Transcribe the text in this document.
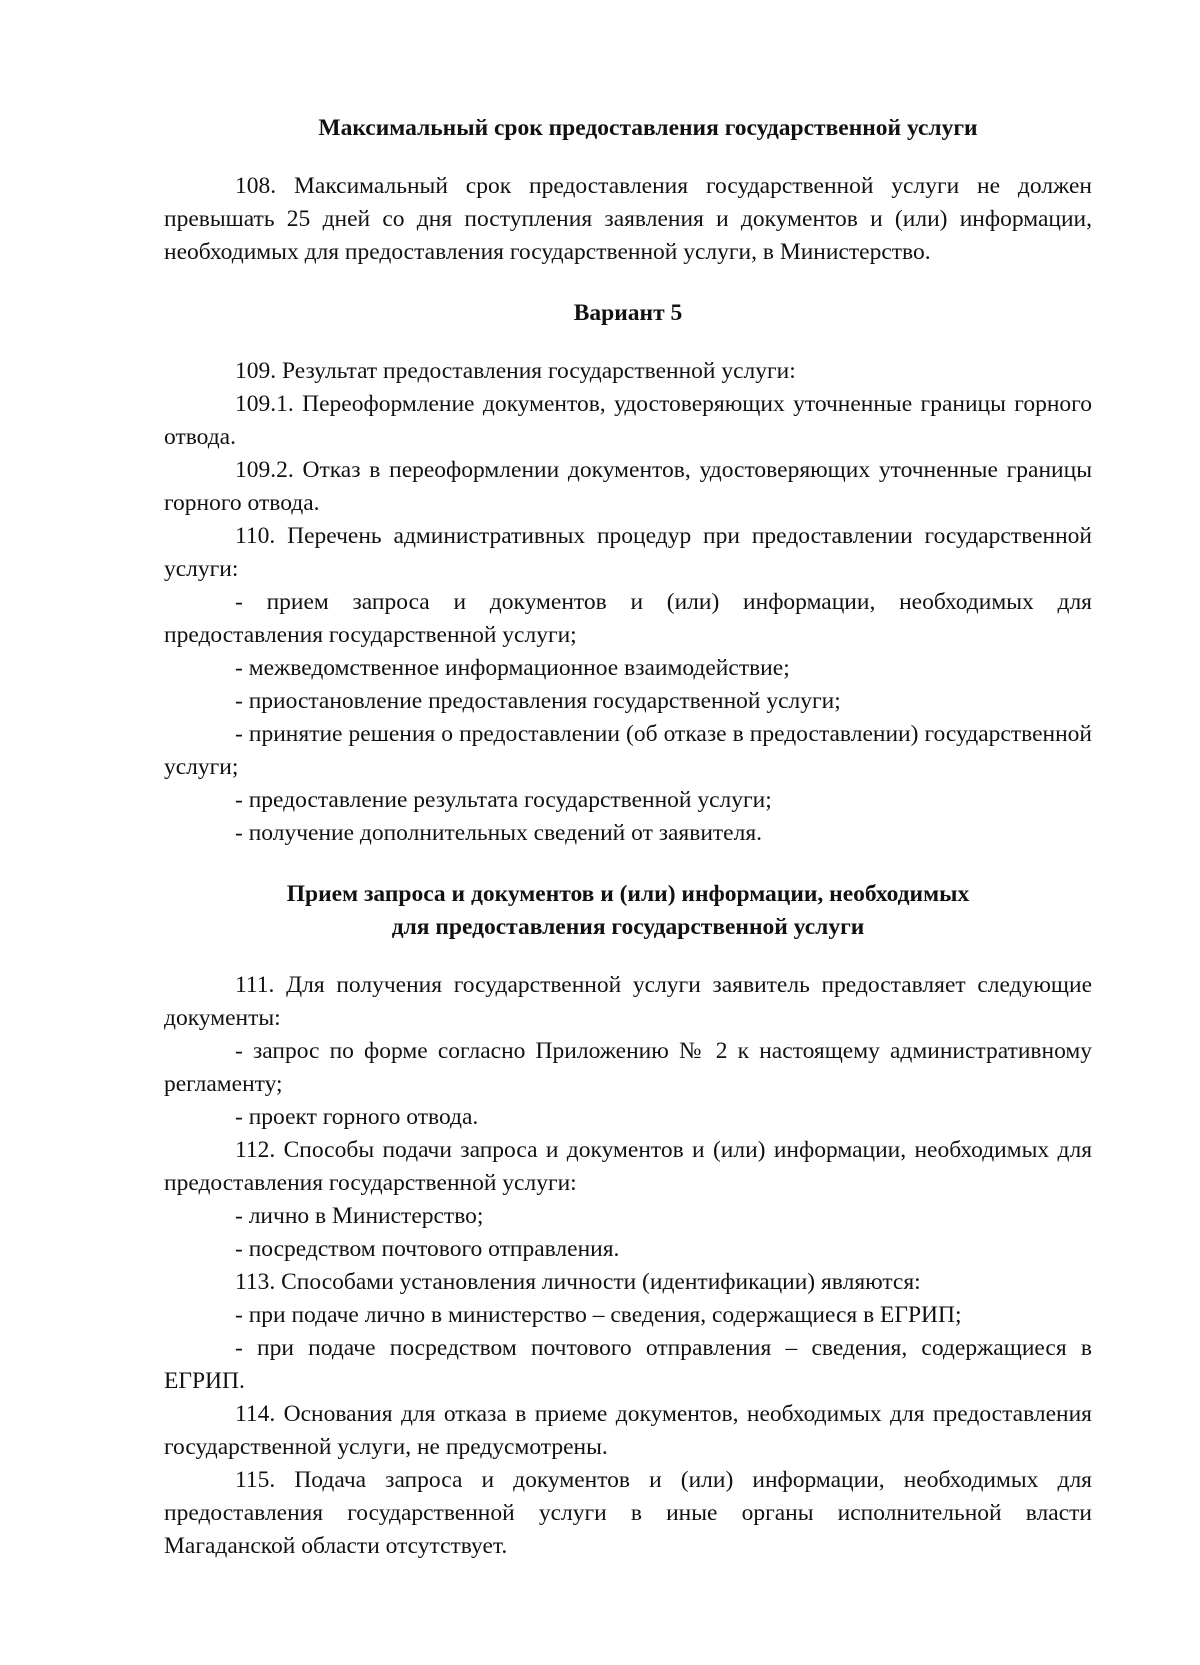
Максимальный срок предоставления государственной услуги

108. Максимальный срок предоставления государственной услуги не должен превышать 25 дней со дня поступления заявления и документов и (или) информации, необходимых для предоставления государственной услуги, в Министерство.

Вариант 5

109. Результат предоставления государственной услуги:

109.1. Переоформление документов, удостоверяющих уточненные границы горного отвода.

109.2. Отказ в переоформлении документов, удостоверяющих уточненные границы горного отвода.

110. Перечень административных процедур при предоставлении государственной услуги:

- прием запроса и документов и (или) информации, необходимых для предоставления государственной услуги;

- межведомственное информационное взаимодействие;

- приостановление предоставления государственной услуги;

- принятие решения о предоставлении (об отказе в предоставлении) государственной услуги;

- предоставление результата государственной услуги;

- получение дополнительных сведений от заявителя.

Прием запроса и документов и (или) информации, необходимых

для предоставления государственной услуги

111. Для получения государственной услуги заявитель предоставляет следующие документы:

- запрос по форме согласно Приложению № 2 к настоящему административному регламенту;

- проект горного отвода.

112. Способы подачи запроса и документов и (или) информации, необходимых для предоставления государственной услуги:

- лично в Министерство;

- посредством почтового отправления.

113. Способами установления личности (идентификации) являются:

- при подаче лично в министерство – сведения, содержащиеся в ЕГРИП;

- при подаче посредством почтового отправления – сведения, содержащиеся в ЕГРИП.

114. Основания для отказа в приеме документов, необходимых для предоставления государственной услуги, не предусмотрены.

115. Подача запроса и документов и (или) информации, необходимых для предоставления государственной услуги в иные органы исполнительной власти Магаданской области отсутствует.
